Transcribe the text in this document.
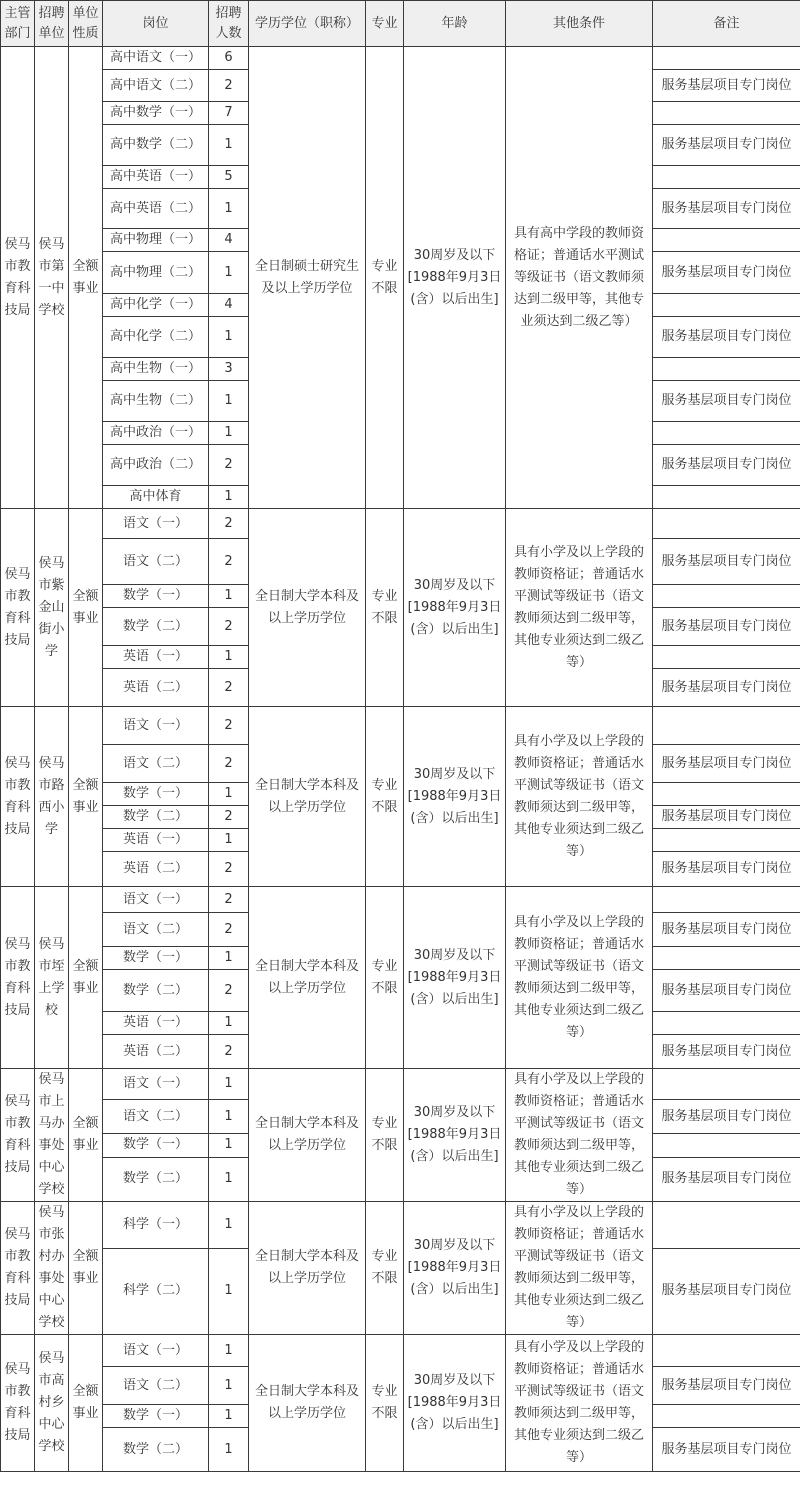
主管部门	招聘单位	单位性质	岗位	招聘人数	学历学位（职称）	专业	年龄	其他条件	备注
侯马市教育科技局	侯马市第一中学校	全额事业	高中语文（一）	6	全日制硕士研究生及以上学历学位	专业不限	30周岁及以下[1988年9月3日(含）以后出生]	具有高中学段的教师资格证；普通话水平测试等级证书（语文教师须达到二级甲等，其他专业须达到二级乙等）	
			高中语文（二）	2					服务基层项目专门岗位
			高中数学（一）	7					
			高中数学（二）	1					服务基层项目专门岗位
			高中英语（一）	5					
			高中英语（二）	1					服务基层项目专门岗位
			高中物理（一）	4					
			高中物理（二）	1					服务基层项目专门岗位
			高中化学（一）	4					
			高中化学（二）	1					服务基层项目专门岗位
			高中生物（一）	3					
			高中生物（二）	1					服务基层项目专门岗位
			高中政治（一）	1					
			高中政治（二）	2					服务基层项目专门岗位
			高中体育	1					
侯马市教育科技局	侯马市紫金山街小学	全额事业	语文（一）	2	全日制大学本科及以上学历学位	专业不限	30周岁及以下[1988年9月3日(含）以后出生]	具有小学及以上学段的教师资格证；普通话水平测试等级证书（语文教师须达到二级甲等，其他专业须达到二级乙等）	
			语文（二）	2					服务基层项目专门岗位
			数学（一）	1					
			数学（二）	2					服务基层项目专门岗位
			英语（一）	1					
			英语（二）	2					服务基层项目专门岗位
侯马市教育科技局	侯马市路西小学	全额事业	语文（一）	2	全日制大学本科及以上学历学位	专业不限	30周岁及以下[1988年9月3日(含）以后出生]	具有小学及以上学段的教师资格证；普通话水平测试等级证书（语文教师须达到二级甲等，其他专业须达到二级乙等）	
			语文（二）	2					服务基层项目专门岗位
			数学（一）	1					
			数学（二）	2					服务基层项目专门岗位
			英语（一）	1					
			英语（二）	2					服务基层项目专门岗位
侯马市教育科技局	侯马市垤上学校	全额事业	语文（一）	2	全日制大学本科及以上学历学位	专业不限	30周岁及以下[1988年9月3日(含）以后出生]	具有小学及以上学段的教师资格证；普通话水平测试等级证书（语文教师须达到二级甲等，其他专业须达到二级乙等）	
			语文（二）	2					服务基层项目专门岗位
			数学（一）	1					
			数学（二）	2					服务基层项目专门岗位
			英语（一）	1					
			英语（二）	2					服务基层项目专门岗位
侯马市教育科技局	侯马市上马办事处中心学校	全额事业	语文（一）	1	全日制大学本科及以上学历学位	专业不限	30周岁及以下[1988年9月3日(含）以后出生]	具有小学及以上学段的教师资格证；普通话水平测试等级证书（语文教师须达到二级甲等，其他专业须达到二级乙等）	
			语文（二）	1					服务基层项目专门岗位
			数学（一）	1					
			数学（二）	1					服务基层项目专门岗位
侯马市教育科技局	侯马市张村办事处中心学校	全额事业	科学（一）	1	全日制大学本科及以上学历学位	专业不限	30周岁及以下[1988年9月3日(含）以后出生]	具有小学及以上学段的教师资格证；普通话水平测试等级证书（语文教师须达到二级甲等，其他专业须达到二级乙等）	
			科学（二）	1					服务基层项目专门岗位
侯马市教育科技局	侯马市高村乡中心学校	全额事业	语文（一）	1	全日制大学本科及以上学历学位	专业不限	30周岁及以下[1988年9月3日(含）以后出生]	具有小学及以上学段的教师资格证；普通话水平测试等级证书（语文教师须达到二级甲等，其他专业须达到二级乙等）	
			语文（二）	1					服务基层项目专门岗位
			数学（一）	1					
			数学（二）	1					服务基层项目专门岗位
